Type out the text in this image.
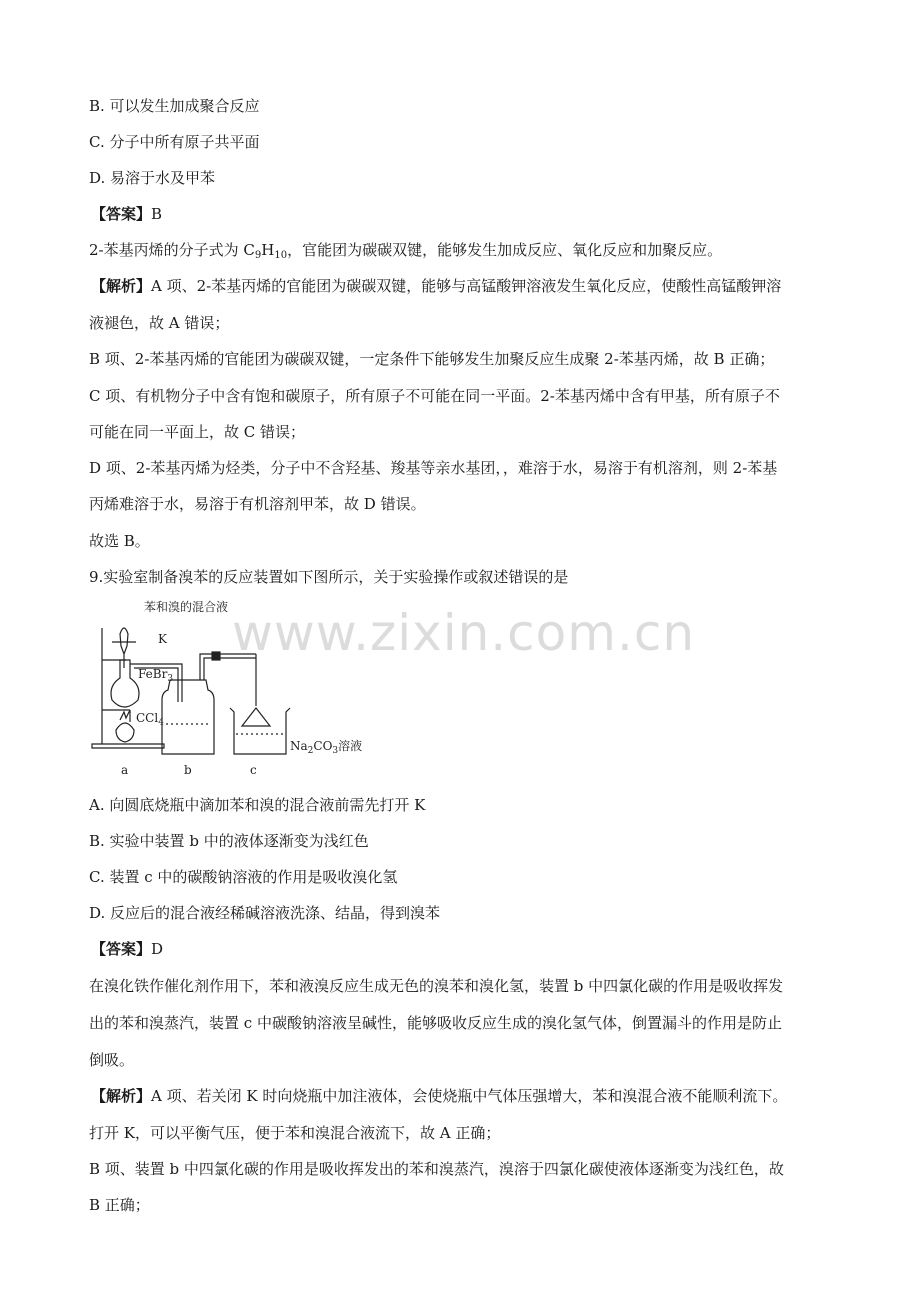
www.zixin.com.cn
B. 可以发生加成聚合反应
C. 分子中所有原子共平面
D. 易溶于水及甲苯
【答案】B
2-苯基丙烯的分子式为 $C_9H_{10}$，官能团为碳碳双键，能够发生加成反应、氧化反应和加聚反应。
【解析】A 项、2-苯基丙烯的官能团为碳碳双键，能够与高锰酸钾溶液发生氧化反应，使酸性高锰酸钾溶
液褪色，故 A 错误；
B 项、2-苯基丙烯的官能团为碳碳双键，一定条件下能够发生加聚反应生成聚 2-苯基丙烯，故 B 正确；
C 项、有机物分子中含有饱和碳原子，所有原子不可能在同一平面。2-苯基丙烯中含有甲基，所有原子不
可能在同一平面上，故 C 错误；
D 项、2-苯基丙烯为烃类，分子中不含羟基、羧基等亲水基团，，难溶于水，易溶于有机溶剂，则 2-苯基
丙烯难溶于水，易溶于有机溶剂甲苯，故 D 错误。
故选 B。
9.实验室制备溴苯的反应装置如下图所示，关于实验操作或叙述错误的是
苯和溴的混合液
K
FeBr$_3$
CCl$_4$
$Na_2CO_3$溶液
a	b	c
A. 向圆底烧瓶中滴加苯和溴的混合液前需先打开 K
B. 实验中装置 b 中的液体逐渐变为浅红色
C. 装置 c 中的碳酸钠溶液的作用是吸收溴化氢
D. 反应后的混合液经稀碱溶液洗涤、结晶，得到溴苯
【答案】D
在溴化铁作催化剂作用下，苯和液溴反应生成无色的溴苯和溴化氢，装置 b 中四氯化碳的作用是吸收挥发
出的苯和溴蒸汽，装置 c 中碳酸钠溶液呈碱性，能够吸收反应生成的溴化氢气体，倒置漏斗的作用是防止
倒吸。
【解析】A 项、若关闭 K 时向烧瓶中加注液体，会使烧瓶中气体压强增大，苯和溴混合液不能顺利流下。
打开 K，可以平衡气压，便于苯和溴混合液流下，故 A 正确；
B 项、装置 b 中四氯化碳的作用是吸收挥发出的苯和溴蒸汽，溴溶于四氯化碳使液体逐渐变为浅红色，故
B 正确；
